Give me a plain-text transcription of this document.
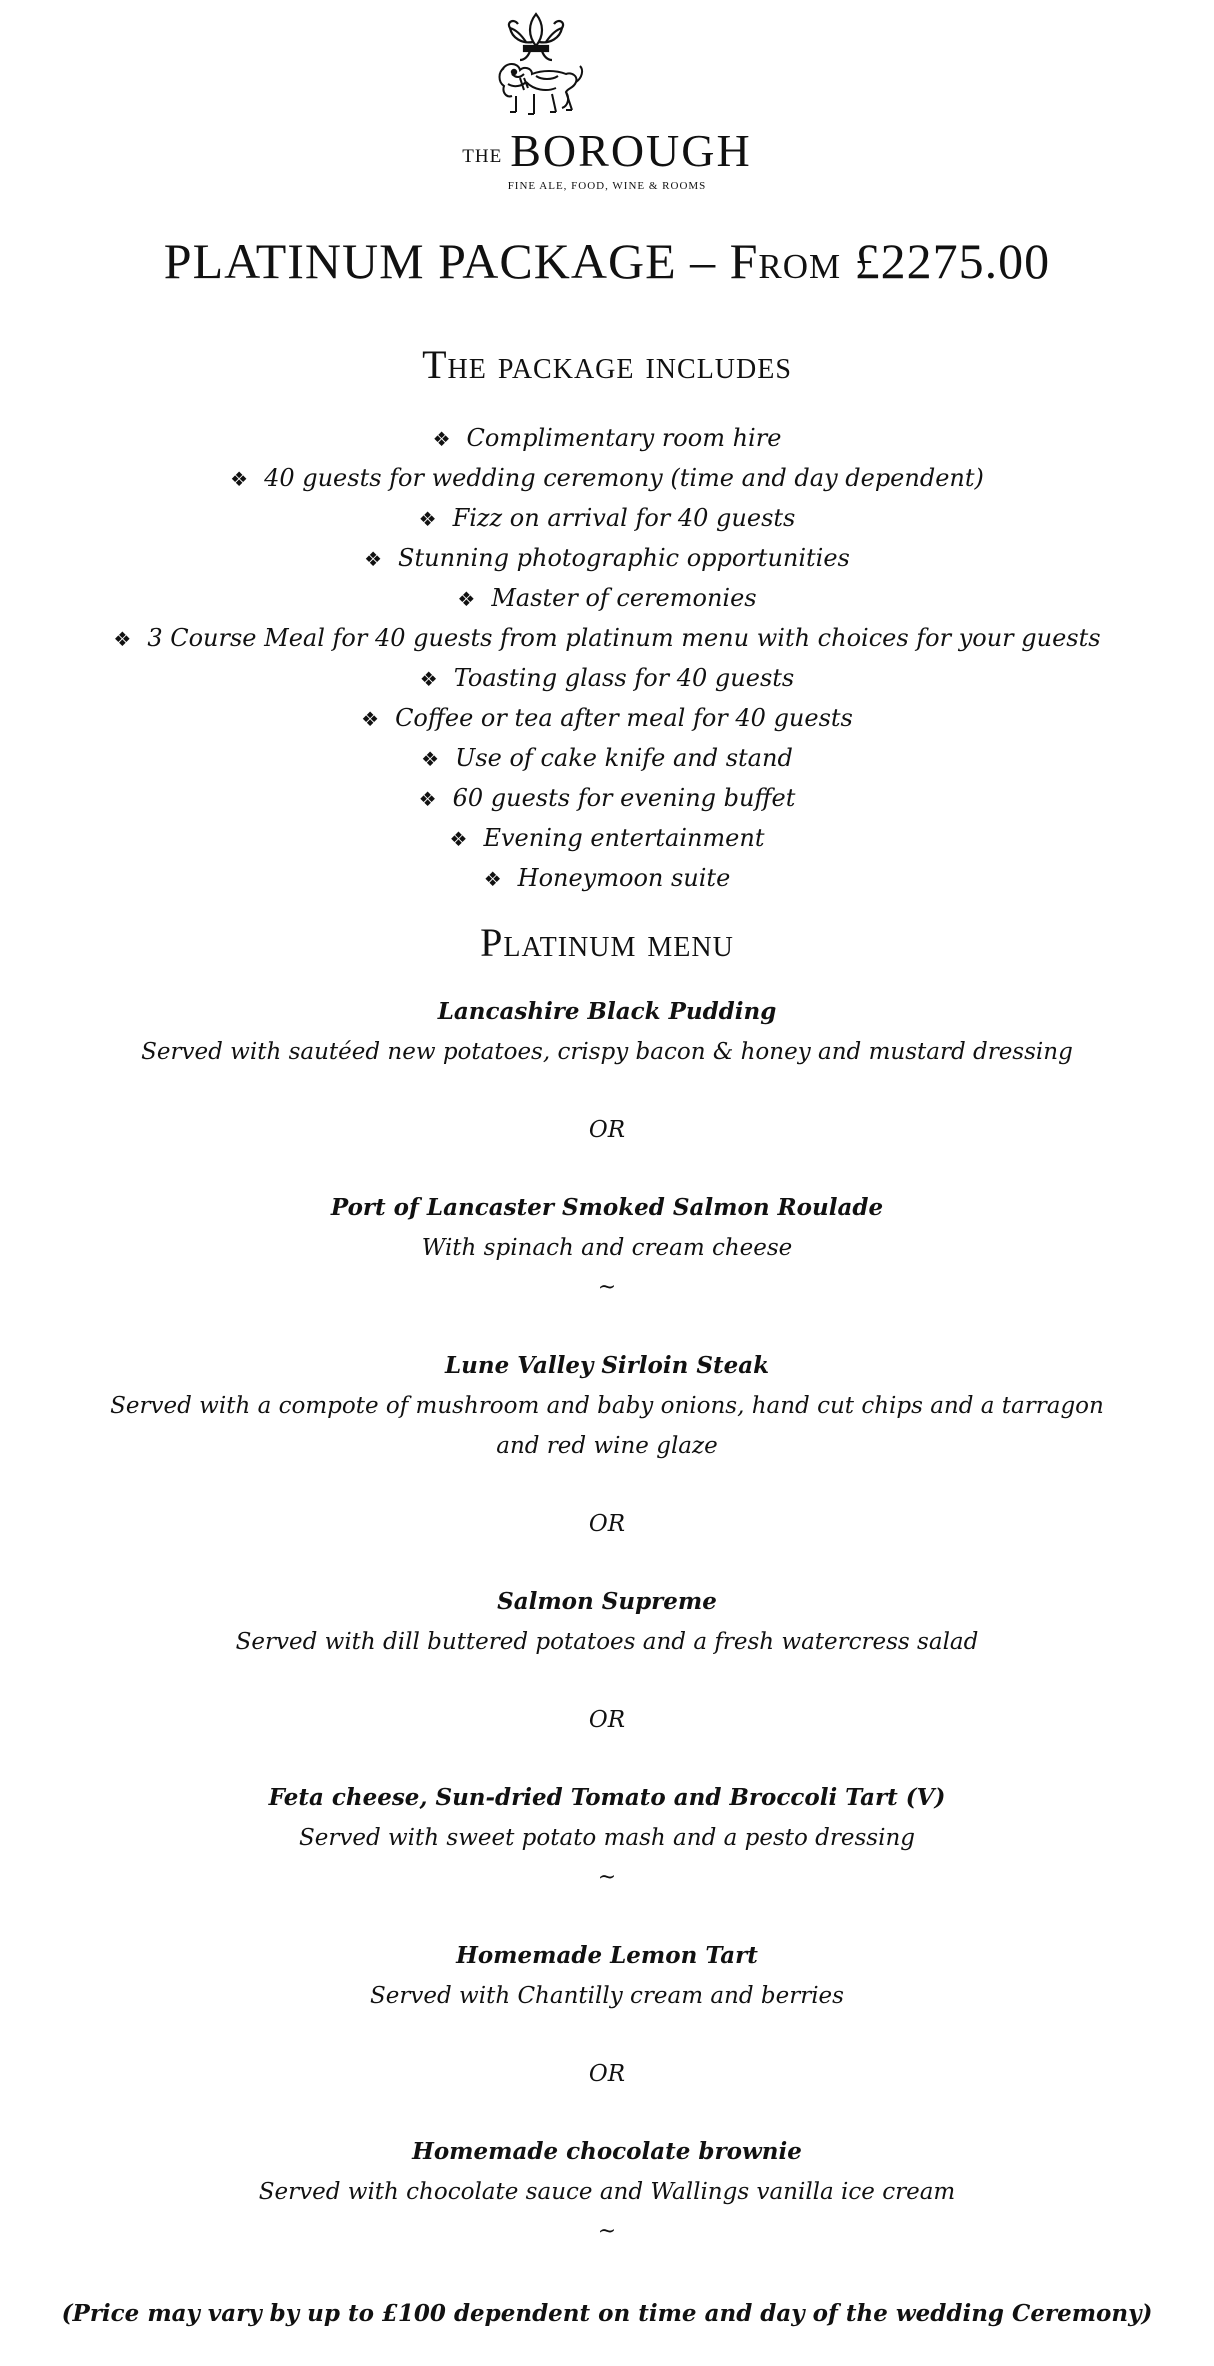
THE BOROUGH
FINE ALE, FOOD, WINE & ROOMS
PLATINUM PACKAGE – From £2275.00
The package includes
❖ Complimentary room hire
❖ 40 guests for wedding ceremony (time and day dependent)
❖ Fizz on arrival for 40 guests
❖ Stunning photographic opportunities
❖ Master of ceremonies
❖ 3 Course Meal for 40 guests from platinum menu with choices for your guests
❖ Toasting glass for 40 guests
❖ Coffee or tea after meal for 40 guests
❖ Use of cake knife and stand
❖ 60 guests for evening buffet
❖ Evening entertainment
❖ Honeymoon suite
Platinum menu
Lancashire Black Pudding
Served with sautéed new potatoes, crispy bacon & honey and mustard dressing
OR
Port of Lancaster Smoked Salmon Roulade
With spinach and cream cheese
~
Lune Valley Sirloin Steak
Served with a compote of mushroom and baby onions, hand cut chips and a tarragon and red wine glaze
OR
Salmon Supreme
Served with dill buttered potatoes and a fresh watercress salad
OR
Feta cheese, Sun-dried Tomato and Broccoli Tart (V)
Served with sweet potato mash and a pesto dressing
~
Homemade Lemon Tart
Served with Chantilly cream and berries
OR
Homemade chocolate brownie
Served with chocolate sauce and Wallings vanilla ice cream
~
(Price may vary by up to £100 dependent on time and day of the wedding Ceremony)
